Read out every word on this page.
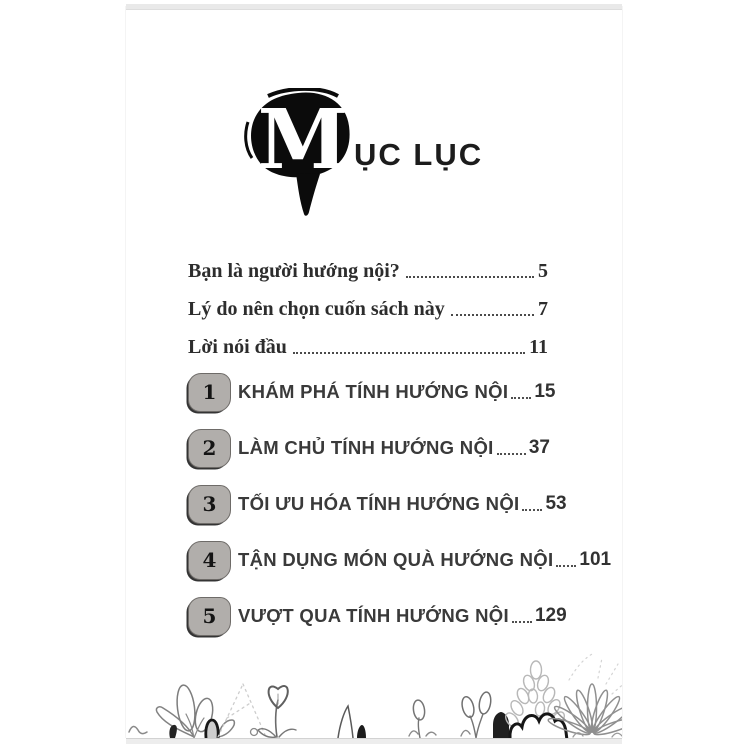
M ỤC LỤC
Bạn là người hướng nội?	5
Lý do nên chọn cuốn sách này	7
Lời nói đầu	11
1	KHÁM PHÁ TÍNH HƯỚNG NỘI 15
2	LÀM CHỦ TÍNH HƯỚNG NỘI 37
3	TỐI ƯU HÓA TÍNH HƯỚNG NỘI 53
4	TẬN DỤNG MÓN QUÀ HƯỚNG NỘI 101
5	VƯỢT QUA TÍNH HƯỚNG NỘI 129
